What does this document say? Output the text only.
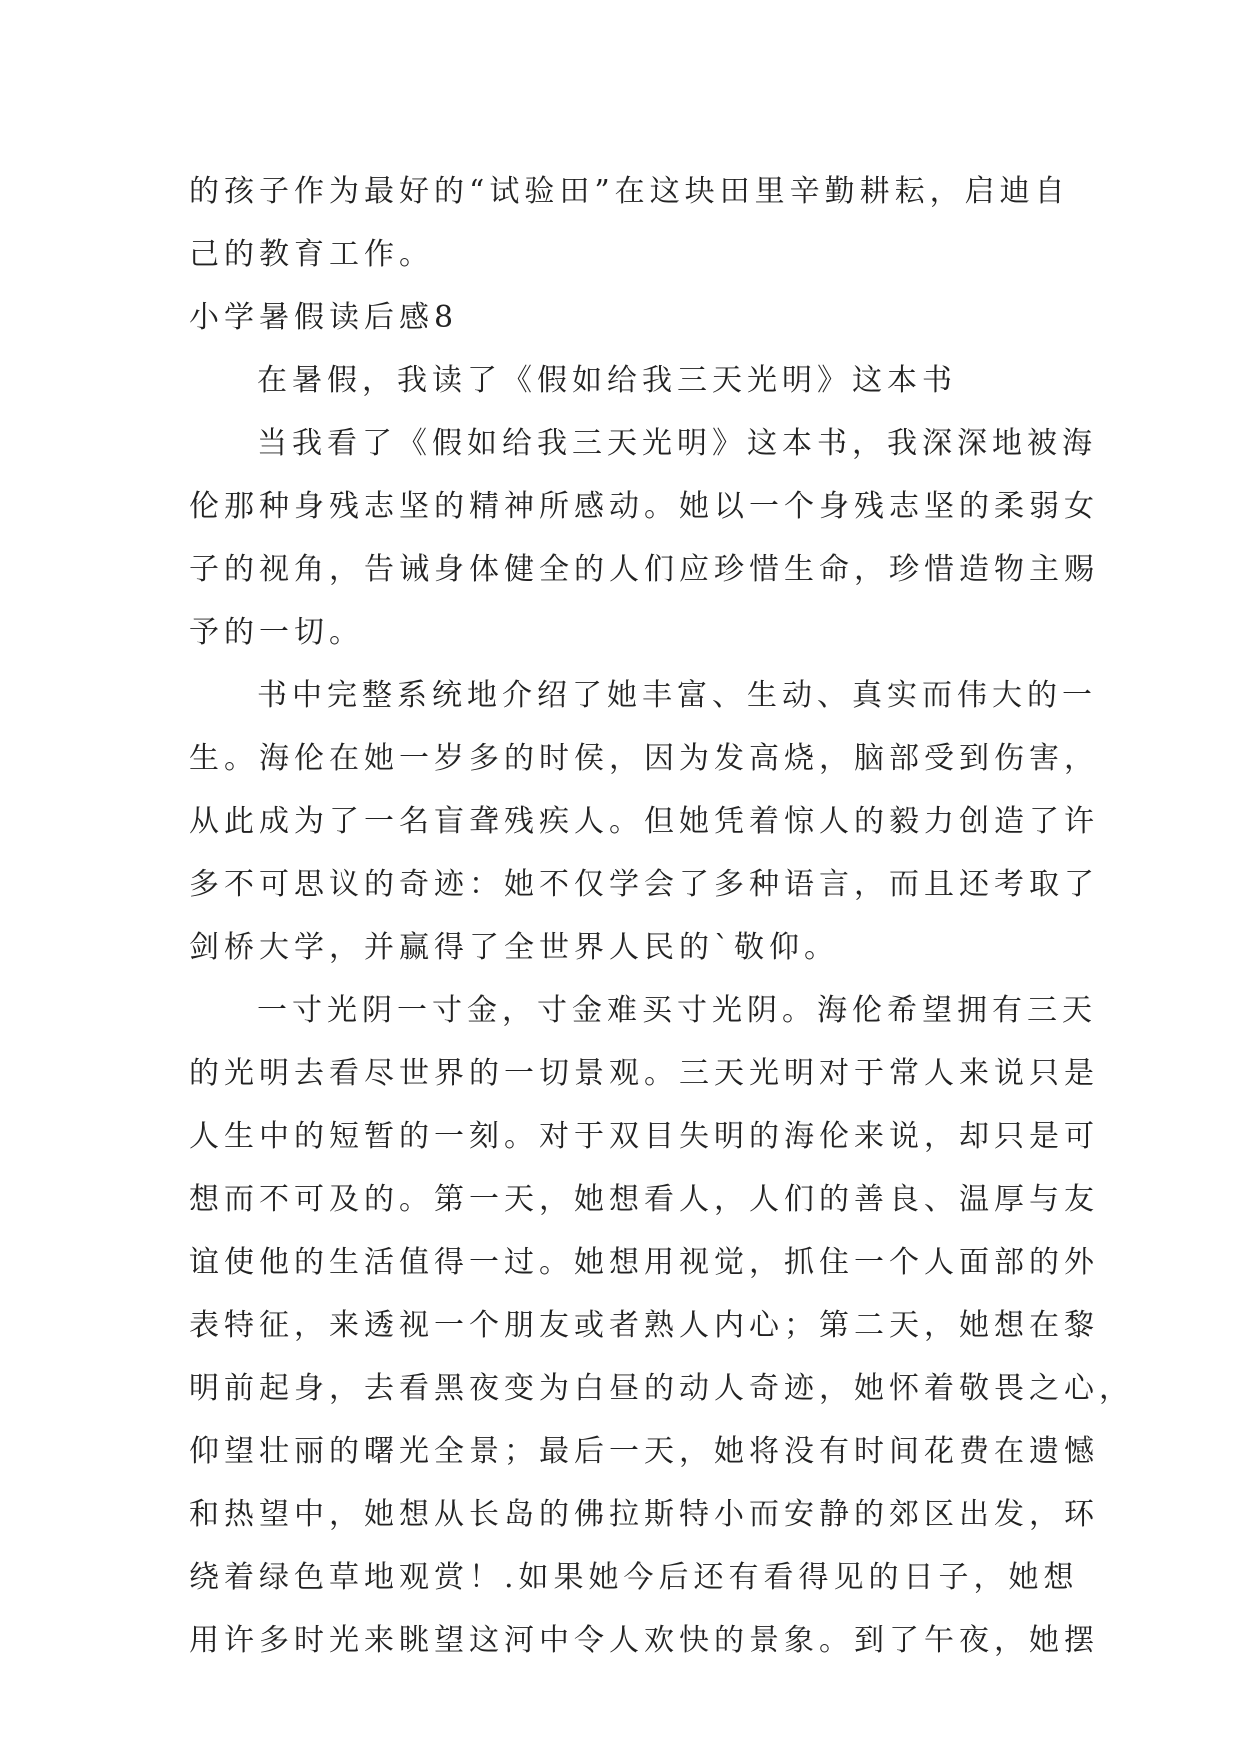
的孩子作为最好的“试验田”在这块田里辛勤耕耘，启迪自
己的教育工作。
小学暑假读后感8
在暑假，我读了《假如给我三天光明》这本书
当我看了《假如给我三天光明》这本书，我深深地被海
伦那种身残志坚的精神所感动。她以一个身残志坚的柔弱女
子的视角，告诫身体健全的人们应珍惜生命，珍惜造物主赐
予的一切。
书中完整系统地介绍了她丰富、生动、真实而伟大的一
生。海伦在她一岁多的时侯，因为发高烧，脑部受到伤害，
从此成为了一名盲聋残疾人。但她凭着惊人的毅力创造了许
多不可思议的奇迹：她不仅学会了多种语言，而且还考取了
剑桥大学，并赢得了全世界人民的`敬仰。
一寸光阴一寸金，寸金难买寸光阴。海伦希望拥有三天
的光明去看尽世界的一切景观。三天光明对于常人来说只是
人生中的短暂的一刻。对于双目失明的海伦来说，却只是可
想而不可及的。第一天，她想看人，人们的善良、温厚与友
谊使他的生活值得一过。她想用视觉，抓住一个人面部的外
表特征，来透视一个朋友或者熟人内心；第二天，她想在黎
明前起身，去看黑夜变为白昼的动人奇迹，她怀着敬畏之心，
仰望壮丽的曙光全景；最后一天，她将没有时间花费在遗憾
和热望中，她想从长岛的佛拉斯特小而安静的郊区出发，环
绕着绿色草地观赏！.如果她今后还有看得见的日子，她想
用许多时光来眺望这河中令人欢快的景象。到了午夜，她摆
